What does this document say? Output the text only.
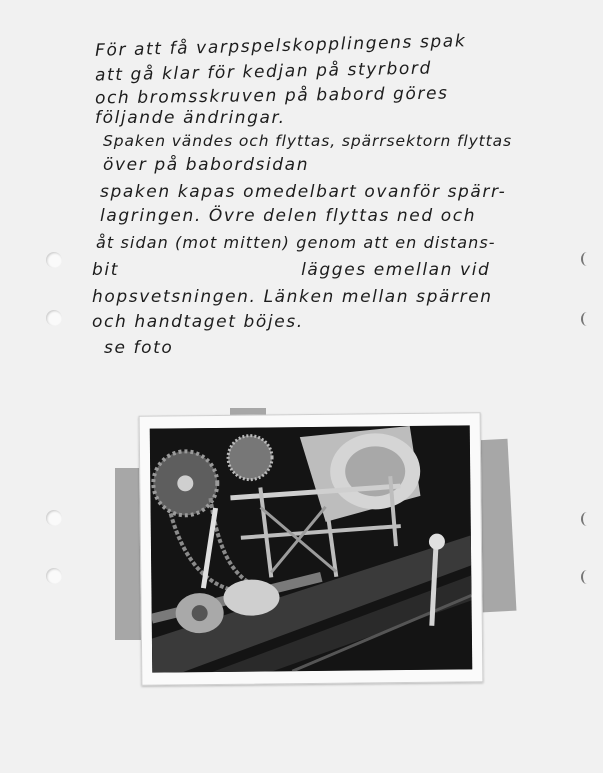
För att få varpspelskopplingens spak
att gå klar för kedjan på styrbord
och bromsskruven på babord göres
följande ändringar.
Spaken vändes och flyttas, spärrsektorn flyttas
över på babordsidan
spaken kapas omedelbart ovanför spärr-
lagringen. Övre delen flyttas ned och
åt sidan (mot mitten) genom att en distans-
bit                          lägges emellan vid
hopsvetsningen. Länken mellan spärren
och handtaget böjes.
se foto
